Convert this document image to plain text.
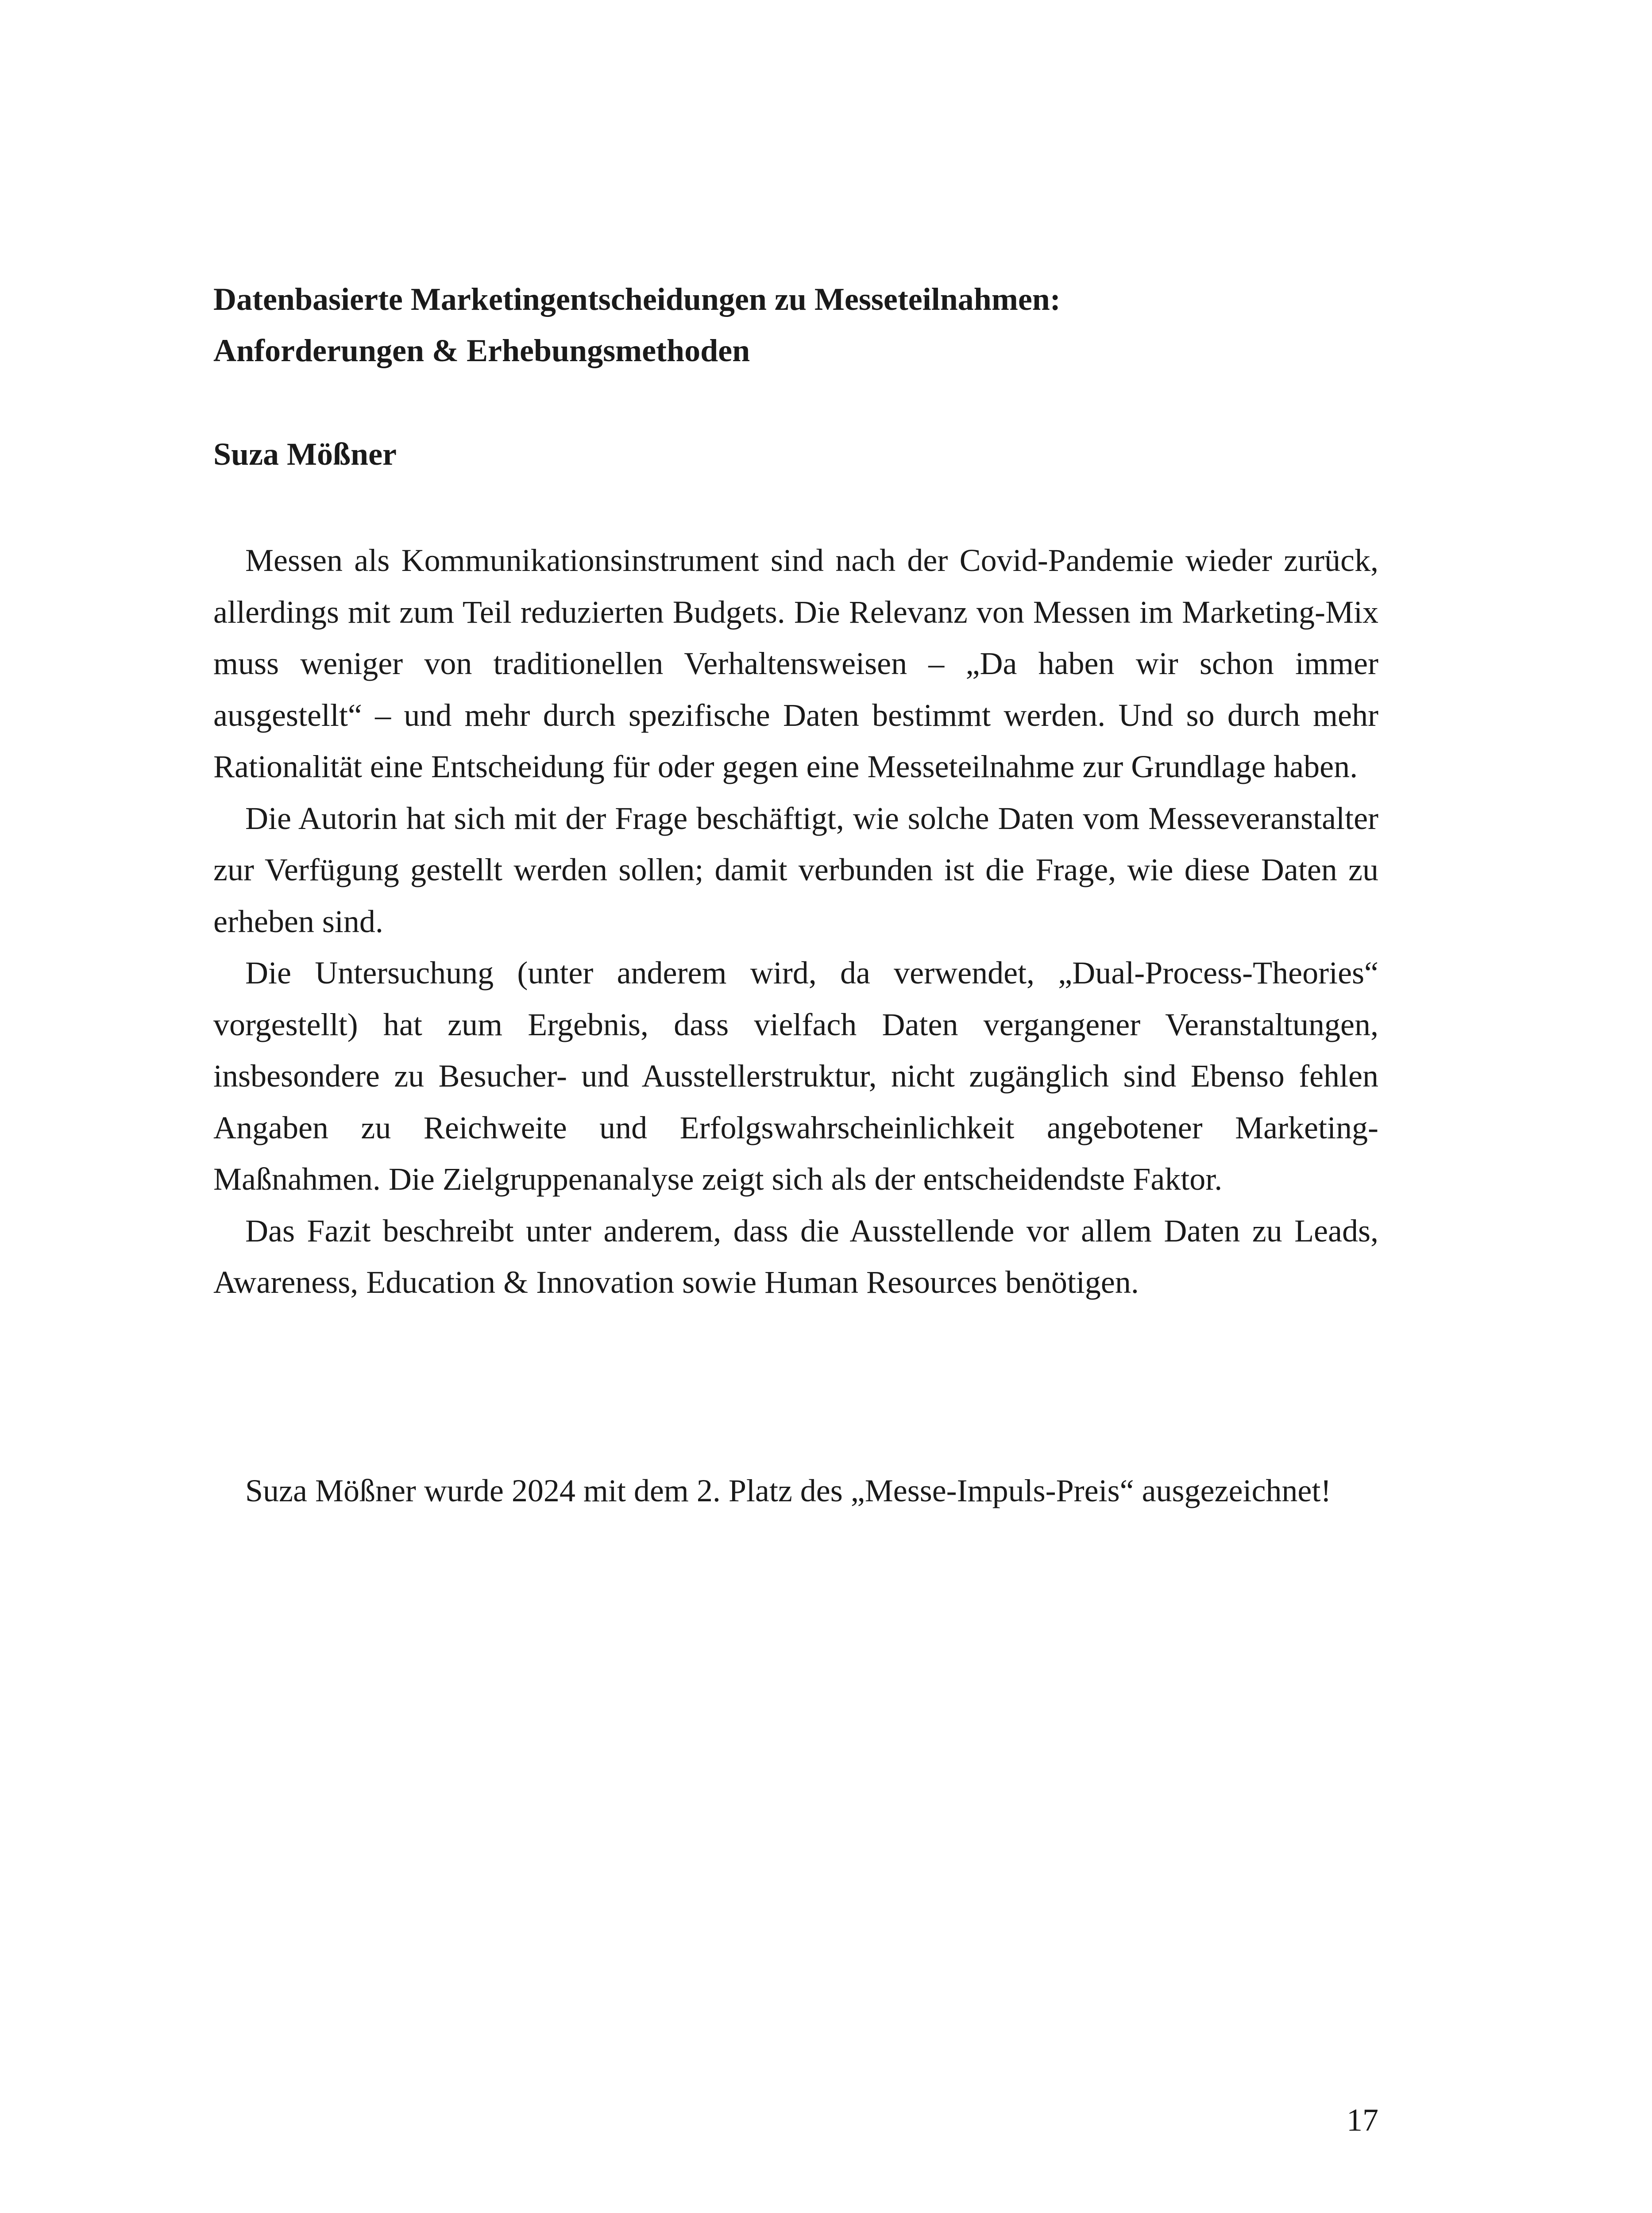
Datenbasierte Marketingentscheidungen zu Messeteilnahmen:
Anforderungen & Erhebungsmethoden
Suza Mößner

Messen als Kommunikationsinstrument sind nach der Covid-Pandemie wieder zurück, allerdings mit zum Teil reduzierten Budgets. Die Relevanz von Messen im Marketing-Mix muss weniger von traditionellen Verhaltensweisen – „Da haben wir schon immer ausgestellt“ – und mehr durch spezifische Daten bestimmt werden. Und so durch mehr Rationalität eine Entscheidung für oder gegen eine Messeteilnahme zur Grundlage haben.

Die Autorin hat sich mit der Frage beschäftigt, wie solche Daten vom Messeveranstalter zur Verfügung gestellt werden sollen; damit verbunden ist die Frage, wie diese Daten zu erheben sind.

Die Untersuchung (unter anderem wird, da verwendet, „Dual-Process-Theories“ vorgestellt) hat zum Ergebnis, dass vielfach Daten vergangener Veranstaltungen, insbesondere zu Besucher- und Ausstellerstruktur, nicht zugänglich sind Ebenso fehlen Angaben zu Reichweite und Erfolgswahrscheinlichkeit angebotener Marketing-Maßnahmen. Die Zielgruppenanalyse zeigt sich als der entscheidendste Faktor.

Das Fazit beschreibt unter anderem, dass die Ausstellende vor allem Daten zu Leads, Awareness, Education & Innovation sowie Human Resources benötigen.

Suza Mößner wurde 2024 mit dem 2. Platz des „Messe-Impuls-Preis“ ausgezeichnet!

17
